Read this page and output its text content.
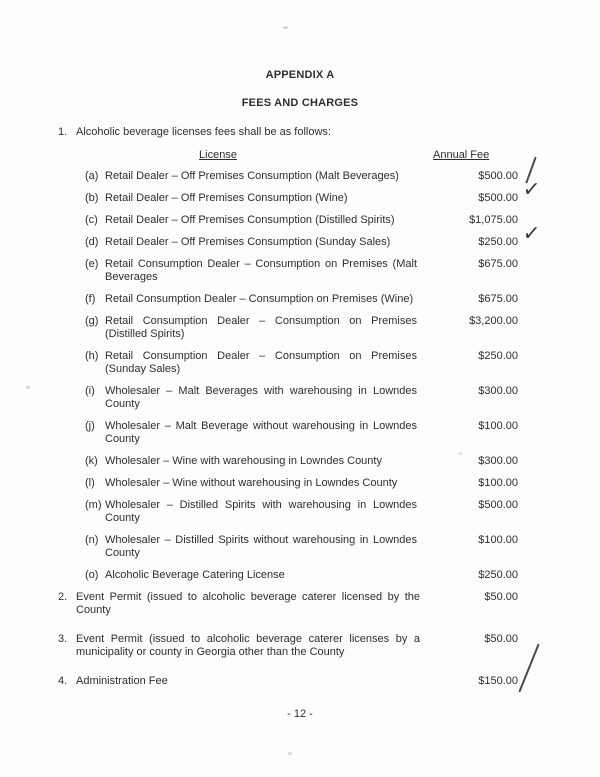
APPENDIX A
FEES AND CHARGES
1. Alcoholic beverage licenses fees shall be as follows:
License	Annual Fee
(a) Retail Dealer – Off Premises Consumption (Malt Beverages)	$500.00
(b) Retail Dealer – Off Premises Consumption (Wine)	$500.00
✓
(c) Retail Dealer – Off Premises Consumption (Distilled Spirits)	$1,075.00
(d) Retail Dealer – Off Premises Consumption (Sunday Sales)	$250.00
✓
(e) Retail Consumption Dealer – Consumption on Premises (Malt Beverages
$675.00
(f) Retail Consumption Dealer – Consumption on Premises (Wine)	$675.00
(g) Retail Consumption Dealer – Consumption on Premises (Distilled Spirits)
$3,200.00
(h) Retail Consumption Dealer – Consumption on Premises (Sunday Sales)
$250.00
(i) Wholesaler – Malt Beverages with warehousing in Lowndes County
$300.00
(j) Wholesaler – Malt Beverage without warehousing in Lowndes County
$100.00
(k) Wholesaler – Wine with warehousing in Lowndes County	$300.00
(l) Wholesaler – Wine without warehousing in Lowndes County	$100.00
(m) Wholesaler – Distilled Spirits with warehousing in Lowndes County
$500.00
(n) Wholesaler – Distilled Spirits without warehousing in Lowndes County
$100.00
(o) Alcoholic Beverage Catering License	$250.00
2. Event Permit (issued to alcoholic beverage caterer licensed by the County
$50.00
3. Event Permit (issued to alcoholic beverage caterer licenses by a municipality or county in Georgia other than the County
$50.00
4. Administration Fee	$150.00
- 12 -
